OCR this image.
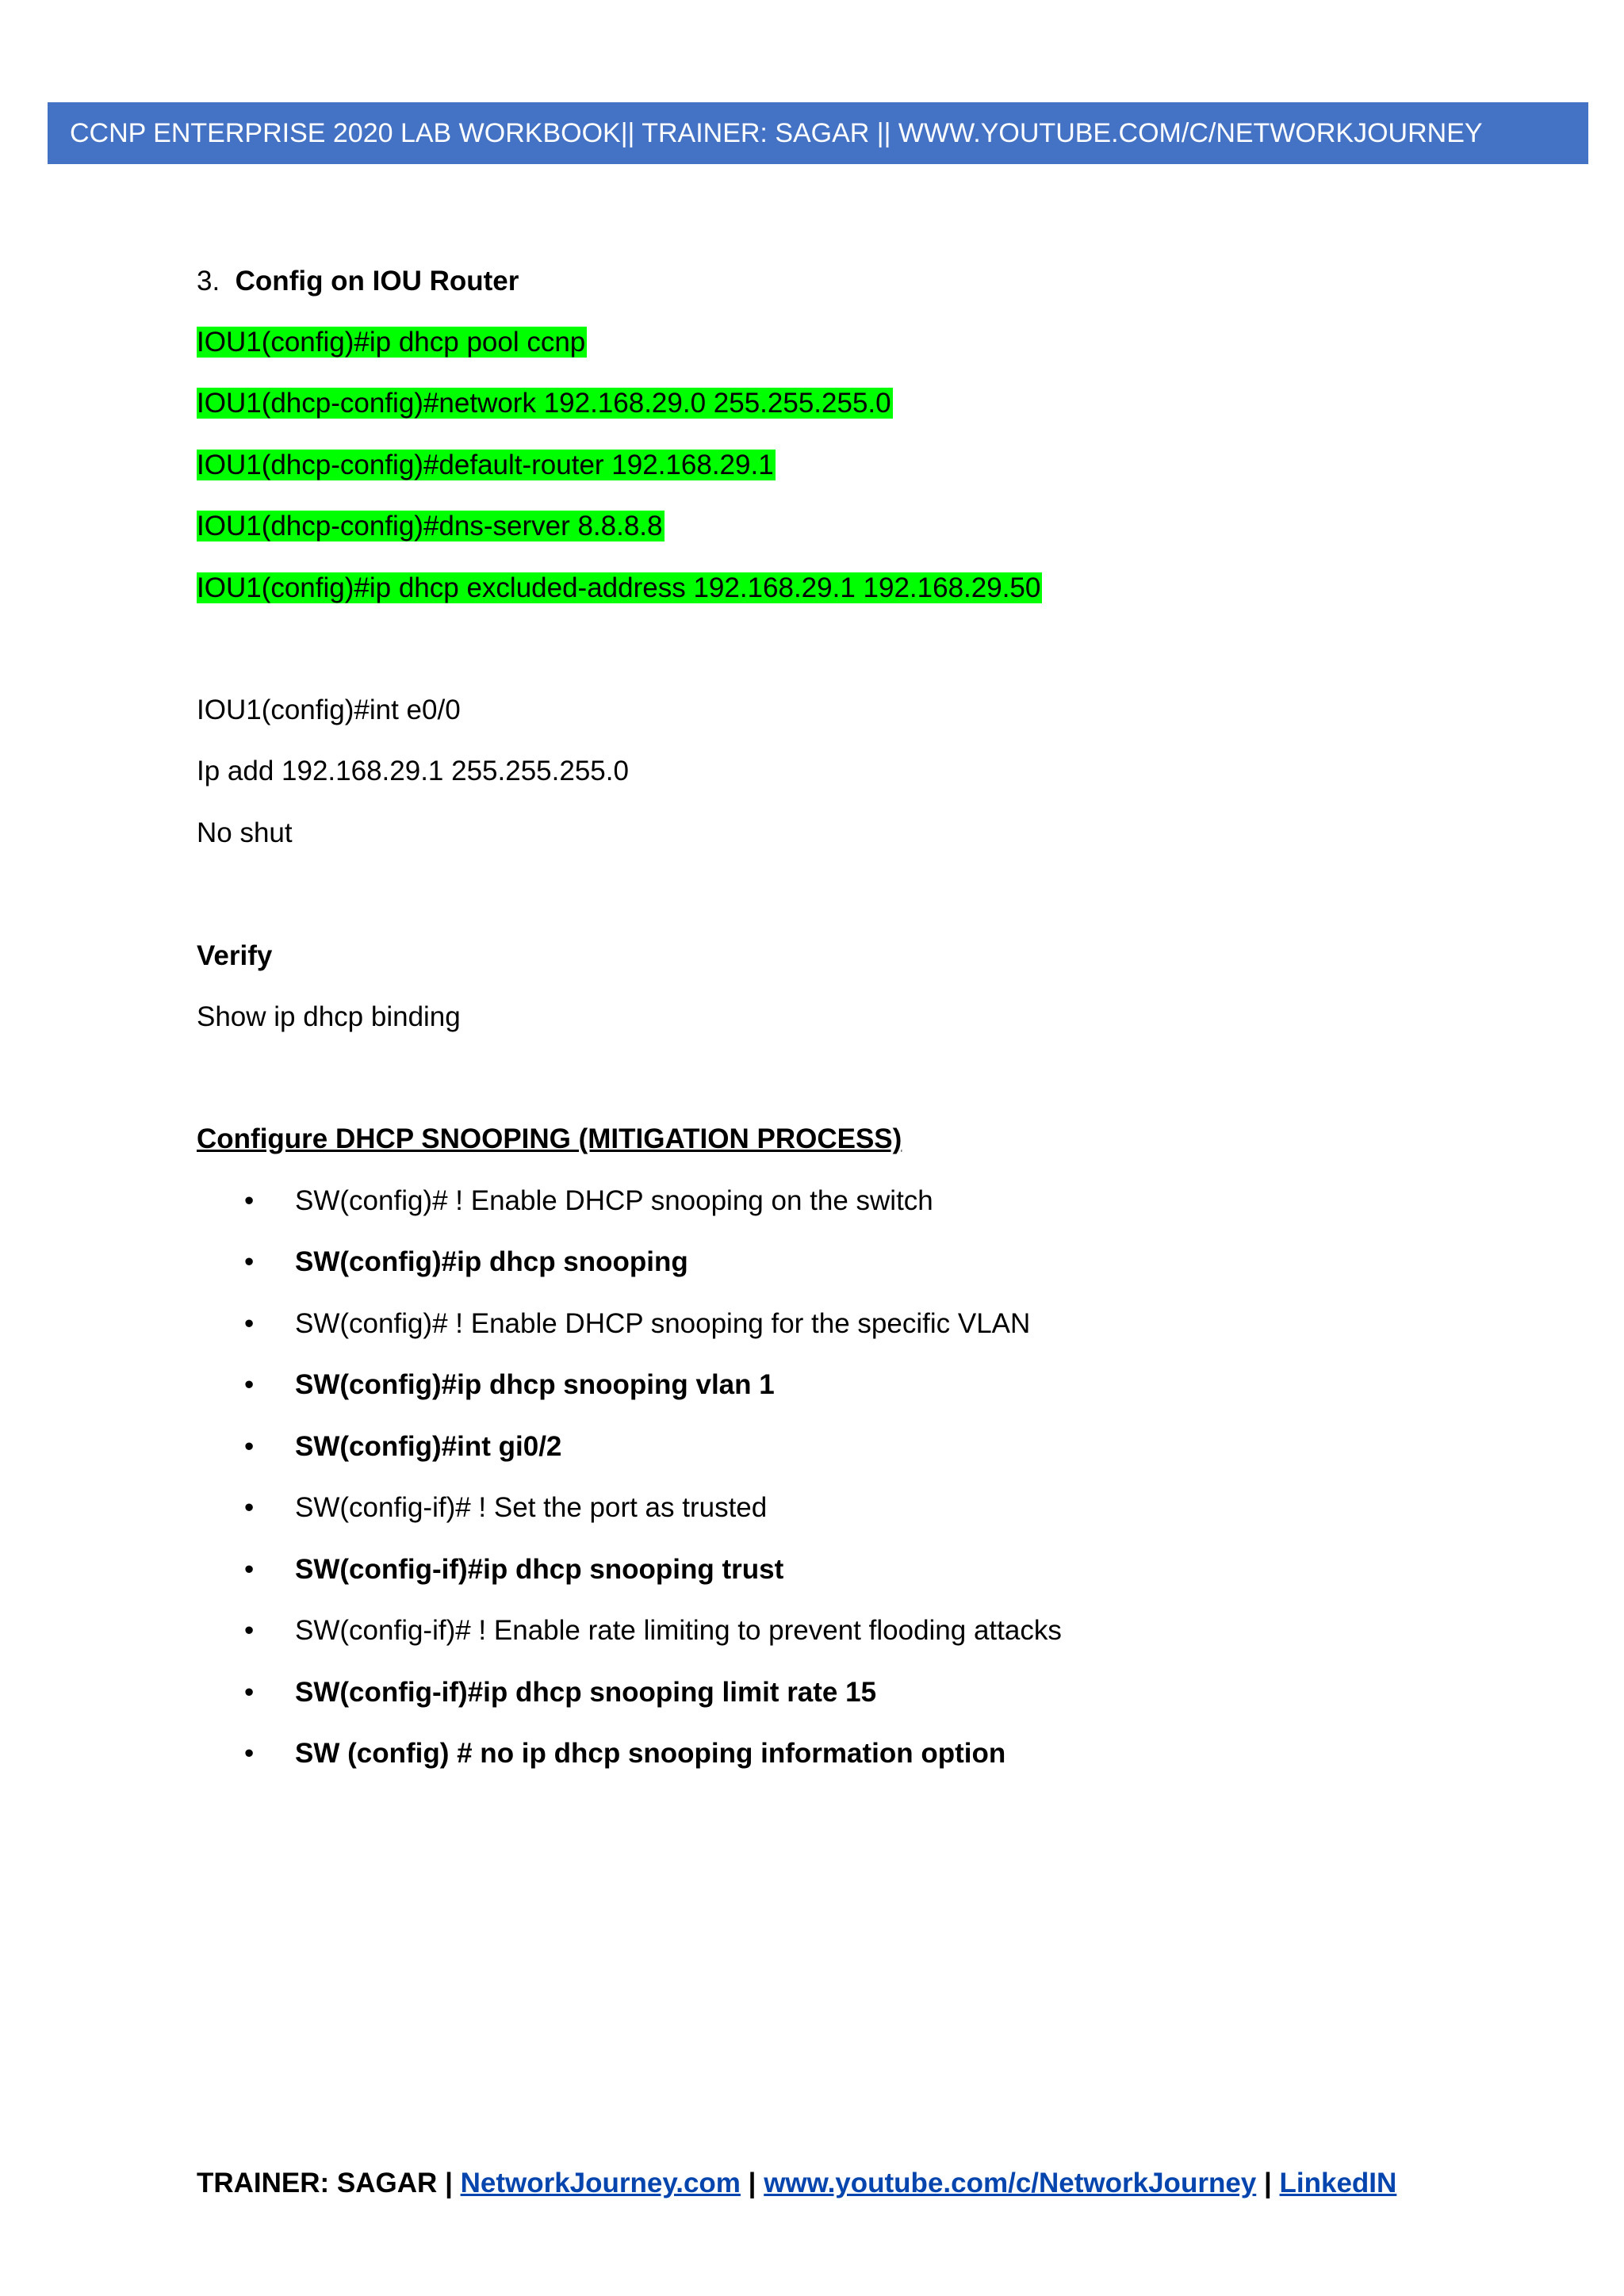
CCNP ENTERPRISE 2020 LAB WORKBOOK|| TRAINER: SAGAR || WWW.YOUTUBE.COM/C/NETWORKJOURNEY
3. Config on IOU Router
IOU1(config)#ip dhcp pool ccnp
IOU1(dhcp-config)#network 192.168.29.0 255.255.255.0
IOU1(dhcp-config)#default-router 192.168.29.1
IOU1(dhcp-config)#dns-server 8.8.8.8
IOU1(config)#ip dhcp excluded-address 192.168.29.1 192.168.29.50
IOU1(config)#int e0/0
Ip add 192.168.29.1 255.255.255.0
No shut
Verify
Show ip dhcp binding
Configure DHCP SNOOPING (MITIGATION PROCESS)
• SW(config)# ! Enable DHCP snooping on the switch
• SW(config)#ip dhcp snooping
• SW(config)# ! Enable DHCP snooping for the specific VLAN
• SW(config)#ip dhcp snooping vlan 1
• SW(config)#int gi0/2
• SW(config-if)# ! Set the port as trusted
• SW(config-if)#ip dhcp snooping trust
• SW(config-if)# ! Enable rate limiting to prevent flooding attacks
• SW(config-if)#ip dhcp snooping limit rate 15
• SW (config) # no ip dhcp snooping information option
TRAINER: SAGAR | NetworkJourney.com | www.youtube.com/c/NetworkJourney | LinkedIN
